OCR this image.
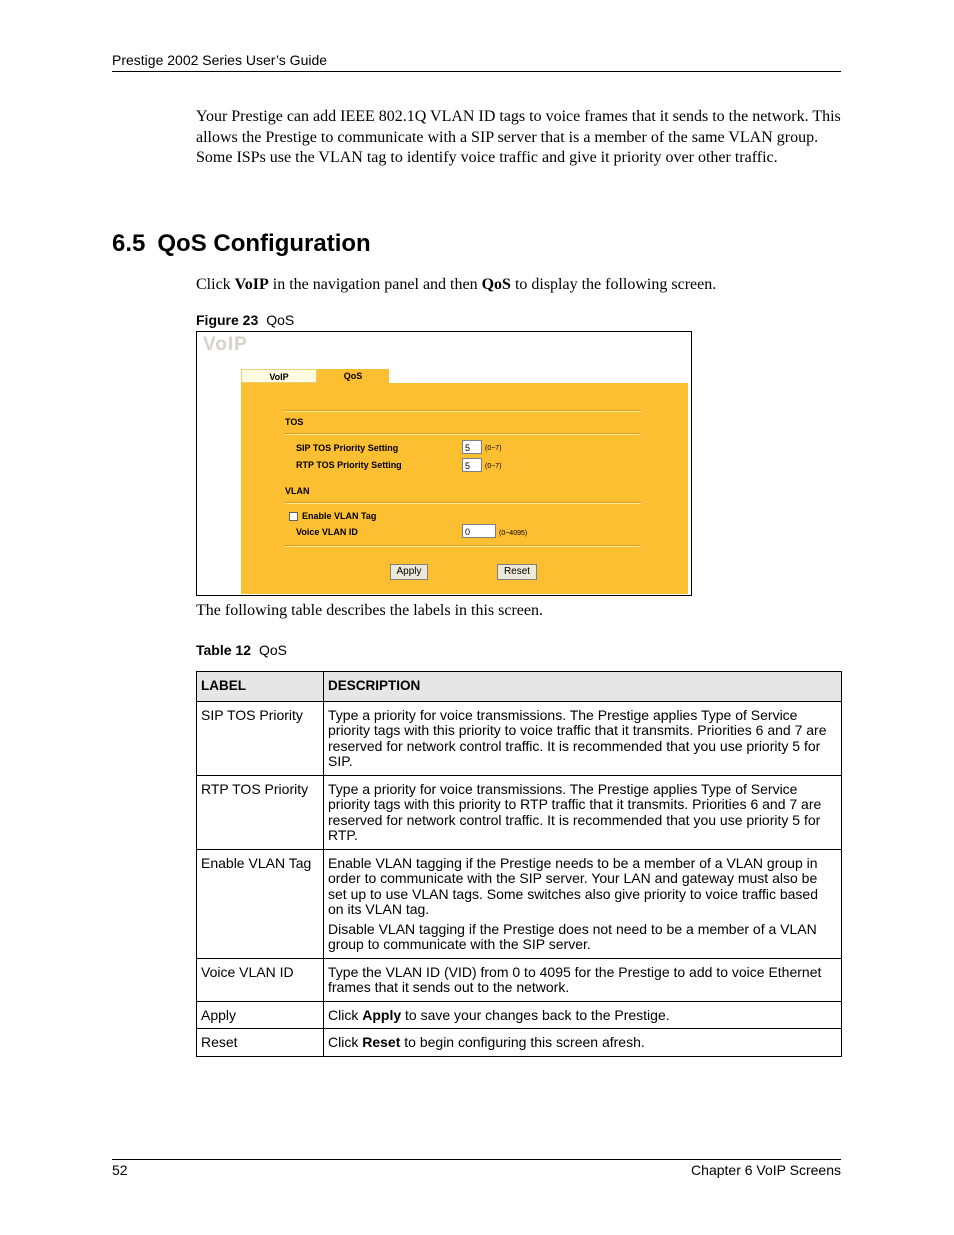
Prestige 2002 Series User’s Guide
Your Prestige can add IEEE 802.1Q VLAN ID tags to voice frames that it sends to the network. This allows the Prestige to communicate with a SIP server that is a member of the same VLAN group. Some ISPs use the VLAN tag to identify voice traffic and give it priority over other traffic.
6.5 QoS Configuration
Click VoIP in the navigation panel and then QoS to display the following screen.
Figure 23 QoS
VoIP
VoIP	QoS
TOS
SIP TOS Priority Setting	5	(0~7)
RTP TOS Priority Setting	5	(0~7)
VLAN
Enable VLAN Tag
Voice VLAN ID	0	(0~4095)
Apply	Reset
The following table describes the labels in this screen.
Table 12 QoS
LABEL	DESCRIPTION
SIP TOS Priority	Type a priority for voice transmissions. The Prestige applies Type of Service priority tags with this priority to voice traffic that it transmits. Priorities 6 and 7 are reserved for network control traffic. It is recommended that you use priority 5 for SIP.
RTP TOS Priority	Type a priority for voice transmissions. The Prestige applies Type of Service priority tags with this priority to RTP traffic that it transmits. Priorities 6 and 7 are reserved for network control traffic. It is recommended that you use priority 5 for RTP.
Enable VLAN Tag	Enable VLAN tagging if the Prestige needs to be a member of a VLAN group in order to communicate with the SIP server. Your LAN and gateway must also be set up to use VLAN tags. Some switches also give priority to voice traffic based on its VLAN tag.

Disable VLAN tagging if the Prestige does not need to be a member of a VLAN group to communicate with the SIP server.

Voice VLAN ID	Type the VLAN ID (VID) from 0 to 4095 for the Prestige to add to voice Ethernet frames that it sends out to the network.
Apply	Click Apply to save your changes back to the Prestige.
Reset	Click Reset to begin configuring this screen afresh.
52	Chapter 6 VoIP Screens
